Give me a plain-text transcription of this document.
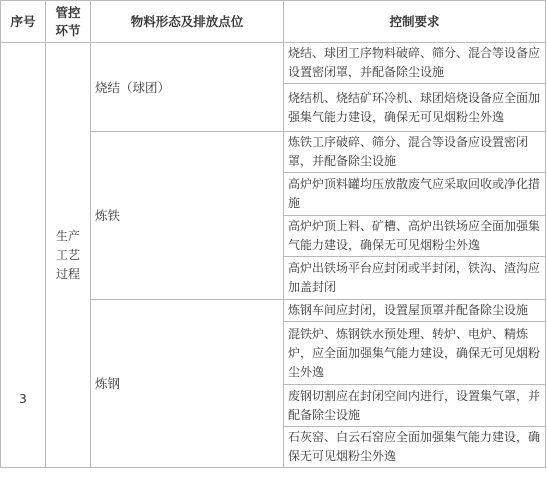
序号	管控环节	物料形态及排放点位	控制要求
3	生产工艺过程	烧结（球团）	烧结、球团工序物料破碎、筛分、混合等设备应设置密闭罩，并配备除尘设施
			烧结机、烧结矿环冷机、球团焙烧设备应全面加强集气能力建设，确保无可见烟粉尘外逸
		炼铁	炼铁工序破碎、筛分、混合等设备应设置密闭罩，并配备除尘设施
			高炉炉顶料罐均压放散废气应采取回收或净化措施
			高炉炉顶上料、矿槽、高炉出铁场应全面加强集气能力建设，确保无可见烟粉尘外逸
			高炉出铁场平台应封闭或半封闭，铁沟、渣沟应加盖封闭
		炼钢	炼钢车间应封闭，设置屋顶罩并配备除尘设施
			混铁炉、炼钢铁水预处理、转炉、电炉、精炼炉，应全面加强集气能力建设，确保无可见烟粉尘外逸
			废钢切割应在封闭空间内进行，设置集气罩，并配备除尘设施
			石灰窑、白云石窑应全面加强集气能力建设，确保无可见烟粉尘外逸
